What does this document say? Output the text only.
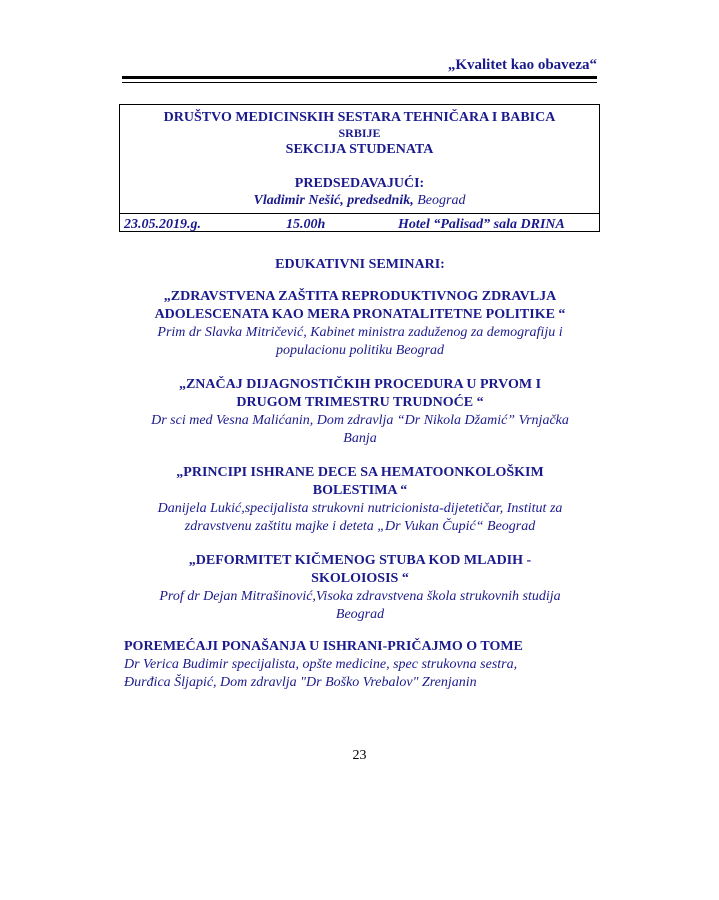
„Kvalitet kao obaveza“
DRUŠTVO MEDICINSKIH SESTARA TEHNIČARA I BABICA
SRBIJE
SEKCIJA STUDENATA
PREDSEDAVAJUĆI:
Vladimir Nešić, predsednik, Beograd
23.05.2019.g.	15.00h	Hotel “Palisad” sala DRINA
EDUKATIVNI SEMINARI:
„ZDRAVSTVENA ZAŠTITA REPRODUKTIVNOG ZDRAVLJA
ADOLESCENATA KAO MERA PRONATALITETNE POLITIKE “
Prim dr Slavka Mitričević, Kabinet ministra zaduženog za demografiju i
populacionu politiku Beograd
„ZNAČAJ DIJAGNOSTIČKIH PROCEDURA U PRVOM I
DRUGOM TRIMESTRU TRUDNOĆE “
Dr sci med Vesna Malićanin, Dom zdravlja “Dr Nikola Džamić” Vrnjačka
Banja
„PRINCIPI ISHRANE DECE SA HEMATOONKOLOŠKIM
BOLESTIMA “
Danijela Lukić,specijalista strukovni nutricionista-dijetetičar, Institut za
zdravstvenu zaštitu majke i deteta „Dr Vukan Čupić“ Beograd
„DEFORMITET KIČMENOG STUBA KOD MLADIH -
SKOLOIOSIS “
Prof dr Dejan Mitrašinović,Visoka zdravstvena škola strukovnih studija
Beograd
POREMEĆAJI PONAŠANJA U ISHRANI-PRIČAJMO O TOME
Dr Verica Budimir specijalista, opšte medicine, spec strukovna sestra,
Đurđica Šljapić, Dom zdravlja "Dr Boško Vrebalov" Zrenjanin
23
